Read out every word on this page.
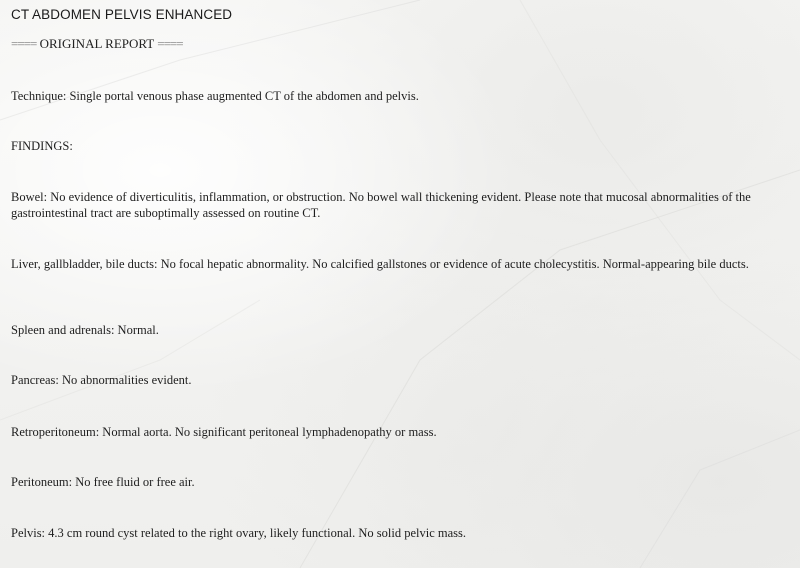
CT ABDOMEN PELVIS ENHANCED
==== ORIGINAL REPORT ====

Technique: Single portal venous phase augmented CT of the abdomen and pelvis.

FINDINGS:

Bowel: No evidence of diverticulitis, inflammation, or obstruction. No bowel wall thickening evident. Please note that mucosal abnormalities of the gastrointestinal tract are suboptimally assessed on routine CT.

Liver, gallbladder, bile ducts: No focal hepatic abnormality. No calcified gallstones or evidence of acute cholecystitis. Normal-appearing bile ducts.

Spleen and adrenals: Normal.

Pancreas: No abnormalities evident.

Retroperitoneum: Normal aorta. No significant peritoneal lymphadenopathy or mass.

Peritoneum: No free fluid or free air.

Pelvis: 4.3 cm round cyst related to the right ovary, likely functional. No solid pelvic mass.
